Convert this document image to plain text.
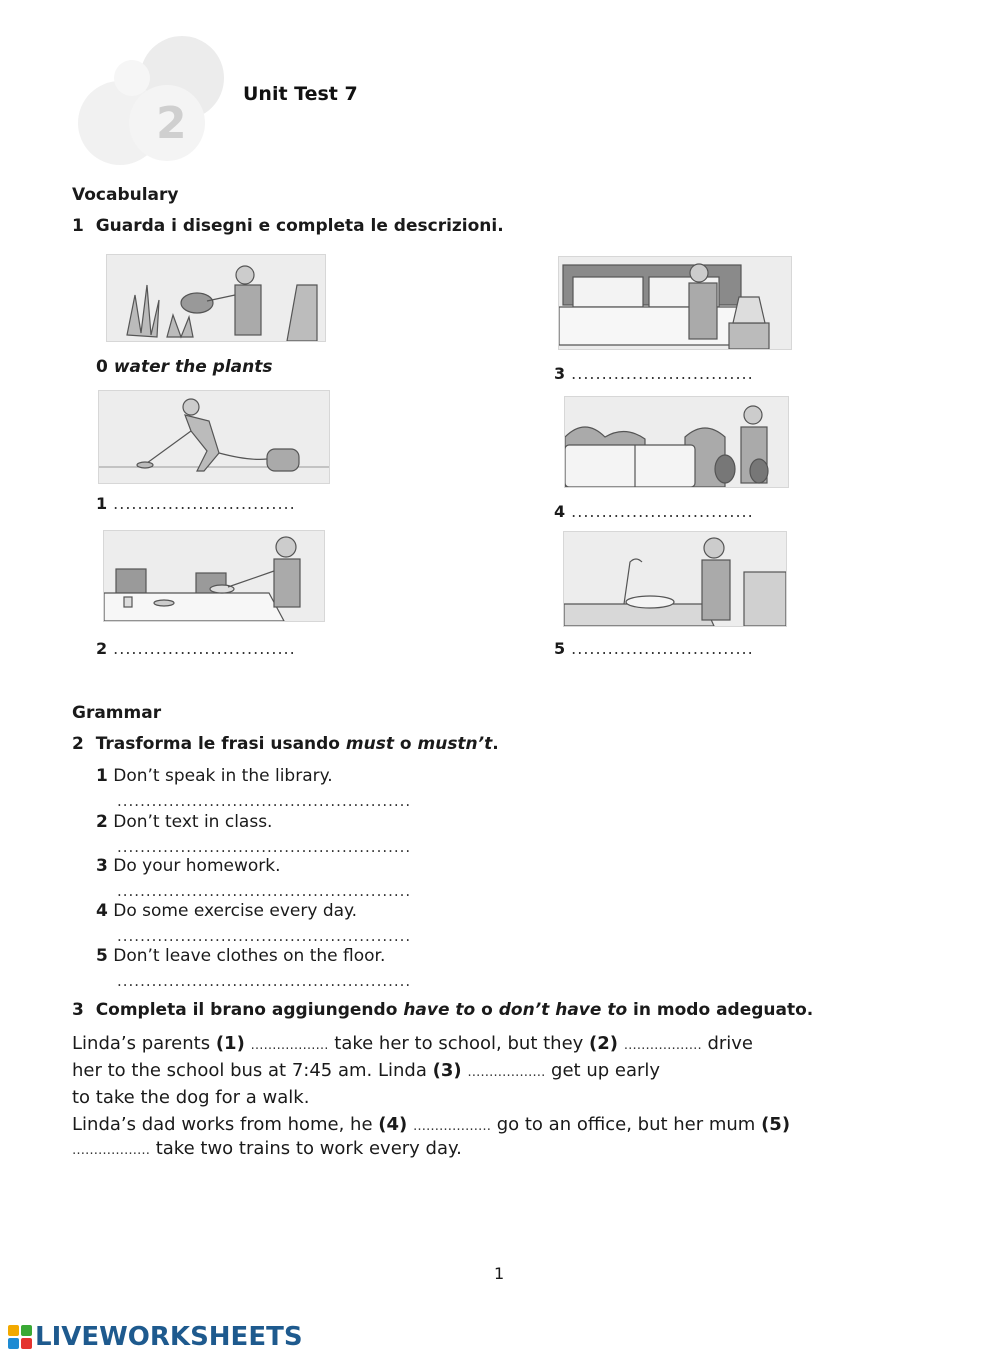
2
Unit Test 7
Vocabulary
1 Guarda i disegni e completa le descrizioni.
0 water the plants
1 ..............................
2 ..............................
3 ..............................
4 ..............................
5 ..............................
Grammar
2 Trasforma le frasi usando must o mustn’t.
1 Don’t speak in the library.
...................................................
2 Don’t text in class.
...................................................
3 Do your homework.
...................................................
4 Do some exercise every day.
...................................................
5 Don’t leave clothes on the floor.
...................................................
3 Completa il brano aggiungendo have to o don’t have to in modo adeguato.
Linda’s parents (1) ……………… take her to school, but they (2) ……………… drive
her to the school bus at 7:45 am. Linda (3) ……………… get up early
to take the dog for a walk.
Linda’s dad works from home, he (4) ……………… go to an office, but her mum (5)
……………… take two trains to work every day.
1
LIVEWORKSHEETS
